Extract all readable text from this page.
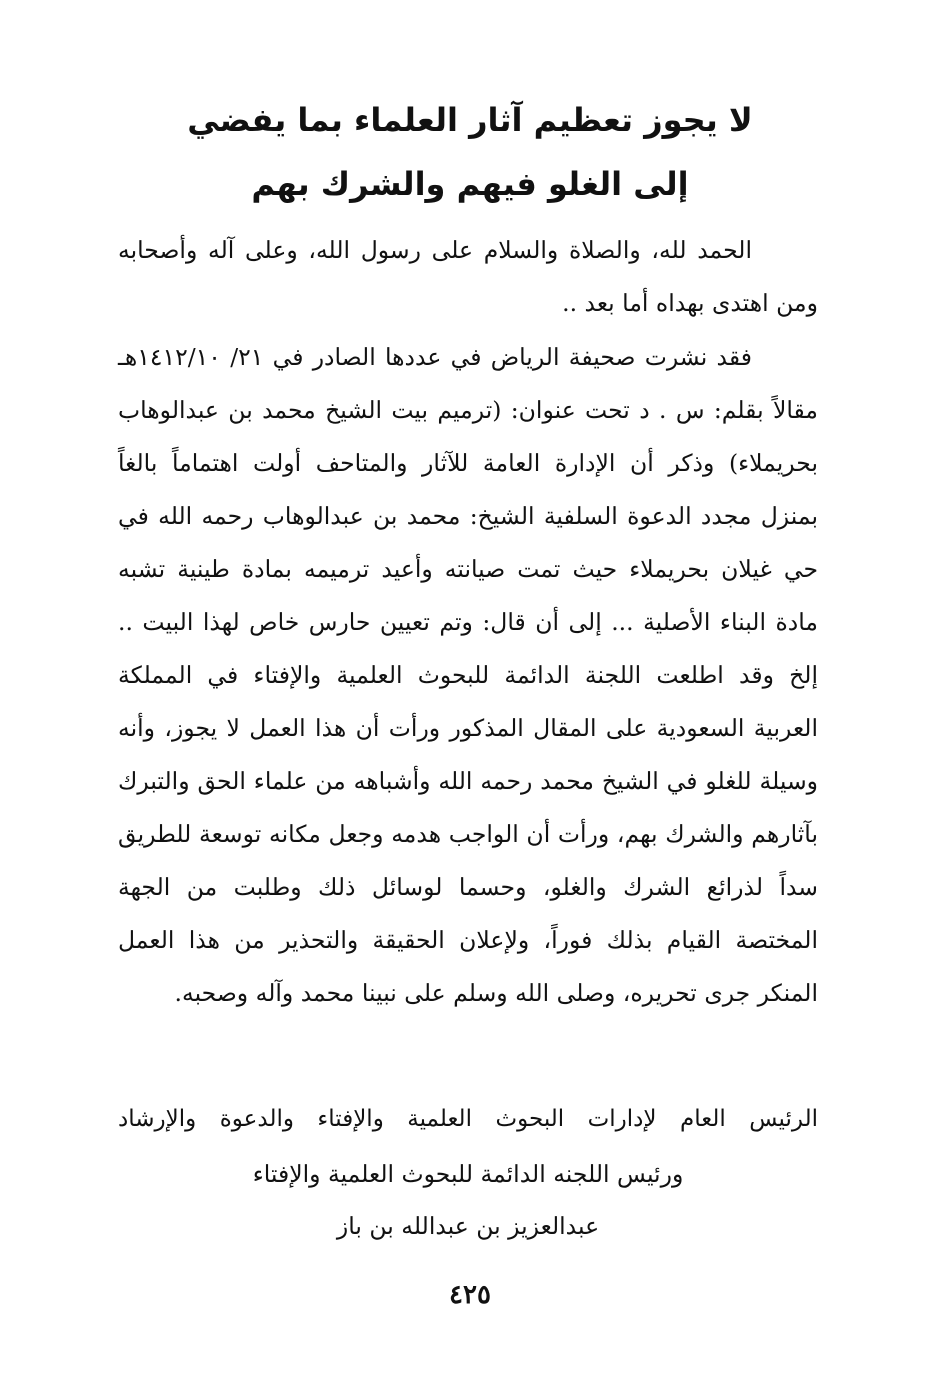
لا يجوز تعظيم آثار العلماء بما يفضي
إلى الغلو فيهم والشرك بهم

الحمد لله، والصلاة والسلام على رسول الله، وعلى آله وأصحابه ومن اهتدى بهداه أما بعد ..

فقد نشرت صحيفة الرياض في عددها الصادر في ٢١/ ١٤١٢/١٠هـ مقالاً بقلم: س . د تحت عنوان: (ترميم بيت الشيخ محمد بن عبدالوهاب بحريملاء) وذكر أن الإدارة العامة للآثار والمتاحف أولت اهتماماً بالغاً بمنزل مجدد الدعوة السلفية الشيخ: محمد بن عبدالوهاب رحمه الله في حي غيلان بحريملاء حيث تمت صيانته وأعيد ترميمه بمادة طينية تشبه مادة البناء الأصلية ... إلى أن قال: وتم تعيين حارس خاص لهذا البيت .. إلخ وقد اطلعت اللجنة الدائمة للبحوث العلمية والإفتاء في المملكة العربية السعودية على المقال المذكور ورأت أن هذا العمل لا يجوز، وأنه وسيلة للغلو في الشيخ محمد رحمه الله وأشباهه من علماء الحق والتبرك بآثارهم والشرك بهم، ورأت أن الواجب هدمه وجعل مكانه توسعة للطريق سداً لذرائع الشرك والغلو، وحسما لوسائل ذلك وطلبت من الجهة المختصة القيام بذلك فوراً، ولإعلان الحقيقة والتحذير من هذا العمل المنكر جرى تحريره، وصلى الله وسلم على نبينا محمد وآله وصحبه.

الرئيس العام لإدارات البحوث العلمية والإفتاء والدعوة والإرشاد
ورئيس اللجنه الدائمة للبحوث العلمية والإفتاء
عبدالعزيز بن عبدالله بن باز
٤٢٥
